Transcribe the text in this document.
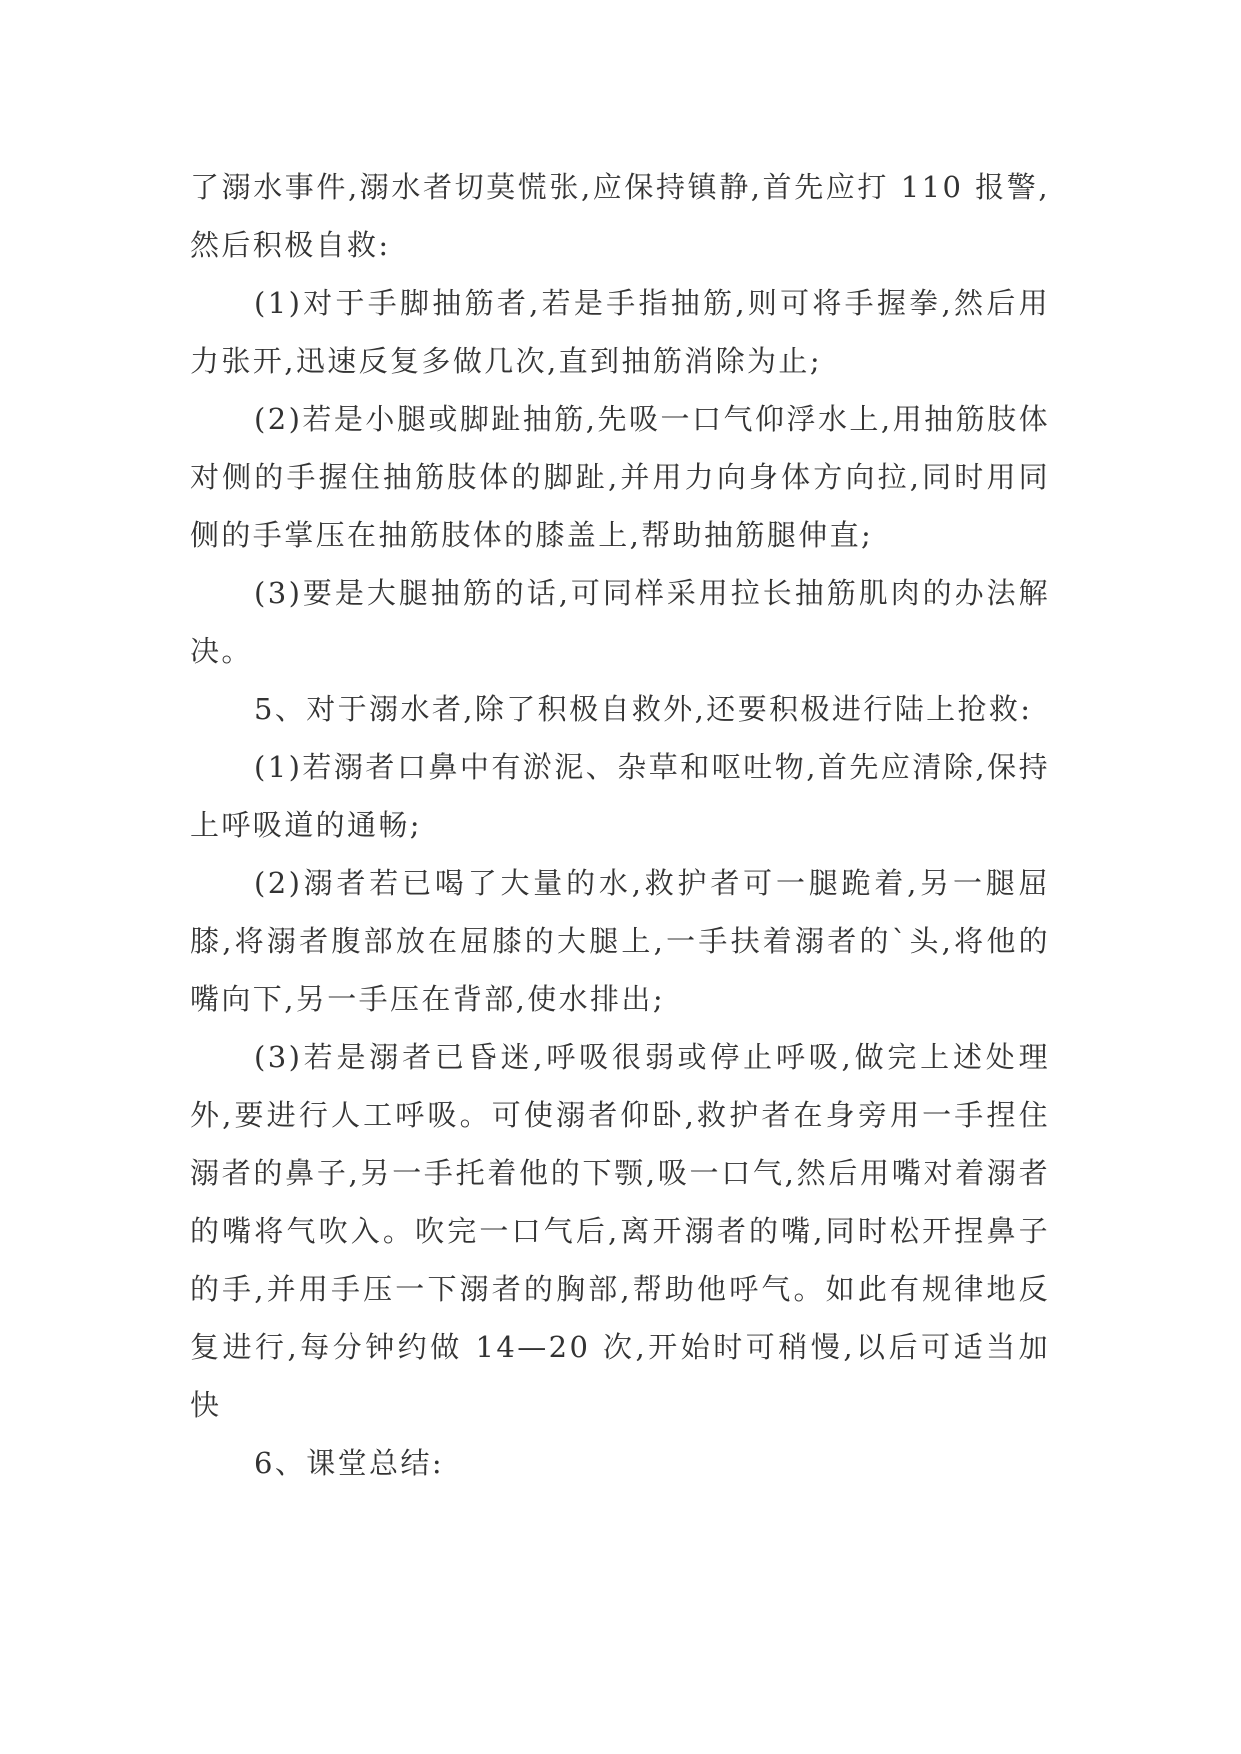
了溺水事件,溺水者切莫慌张,应保持镇静,首先应打 110 报警,然后积极自救:

(1)对于手脚抽筋者,若是手指抽筋,则可将手握拳,然后用力张开,迅速反复多做几次,直到抽筋消除为止;

(2)若是小腿或脚趾抽筋,先吸一口气仰浮水上,用抽筋肢体对侧的手握住抽筋肢体的脚趾,并用力向身体方向拉,同时用同侧的手掌压在抽筋肢体的膝盖上,帮助抽筋腿伸直;

(3)要是大腿抽筋的话,可同样采用拉长抽筋肌肉的办法解决。

5、对于溺水者,除了积极自救外,还要积极进行陆上抢救:

(1)若溺者口鼻中有淤泥、杂草和呕吐物,首先应清除,保持上呼吸道的通畅;

(2)溺者若已喝了大量的水,救护者可一腿跪着,另一腿屈膝,将溺者腹部放在屈膝的大腿上,一手扶着溺者的`头,将他的嘴向下,另一手压在背部,使水排出;

(3)若是溺者已昏迷,呼吸很弱或停止呼吸,做完上述处理外,要进行人工呼吸。可使溺者仰卧,救护者在身旁用一手捏住溺者的鼻子,另一手托着他的下颚,吸一口气,然后用嘴对着溺者的嘴将气吹入。吹完一口气后,离开溺者的嘴,同时松开捏鼻子的手,并用手压一下溺者的胸部,帮助他呼气。如此有规律地反复进行,每分钟约做 14—20 次,开始时可稍慢,以后可适当加快

6、课堂总结:
